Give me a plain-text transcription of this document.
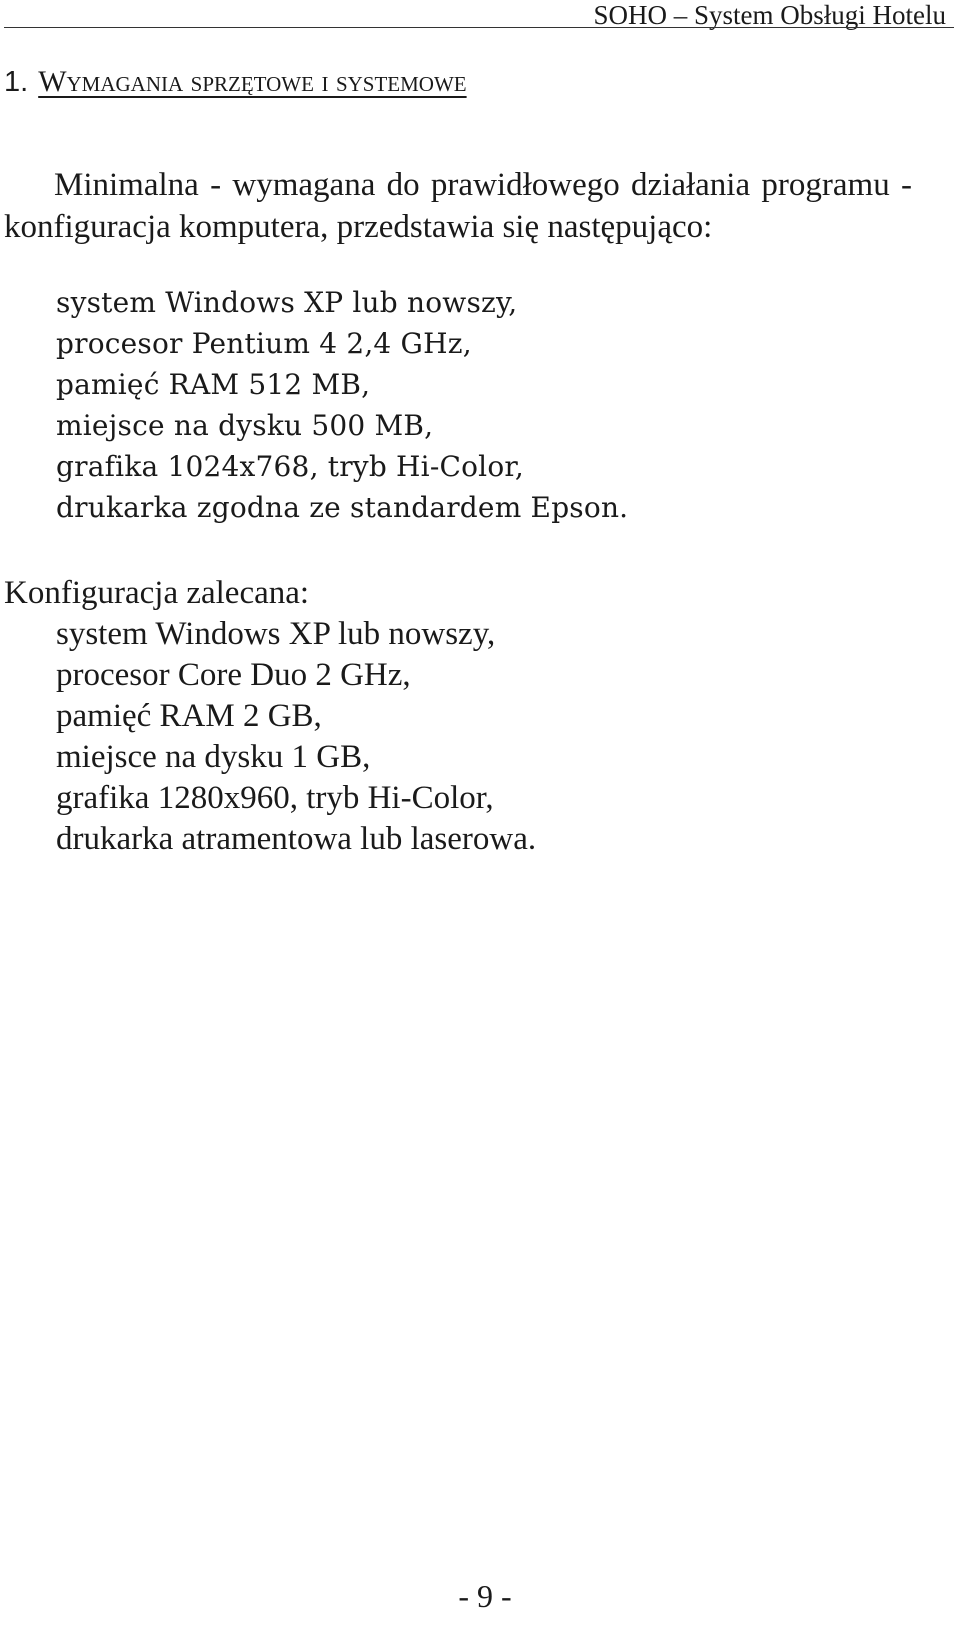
SOHO – System Obsługi Hotelu
1. Wymagania sprzętowe i systemowe
Minimalna - wymagana do prawidłowego działania programu - konfiguracja komputera, przedstawia się następująco:
system Windows XP lub nowszy,
procesor Pentium 4 2,4 GHz,
pamięć RAM 512 MB,
miejsce na dysku 500 MB,
grafika 1024x768, tryb Hi-Color,
drukarka zgodna ze standardem Epson.
Konfiguracja zalecana:
system Windows XP lub nowszy,
procesor Core Duo 2 GHz,
pamięć RAM 2 GB,
miejsce na dysku 1 GB,
grafika 1280x960, tryb Hi-Color,
drukarka atramentowa lub laserowa.
- 9 -
